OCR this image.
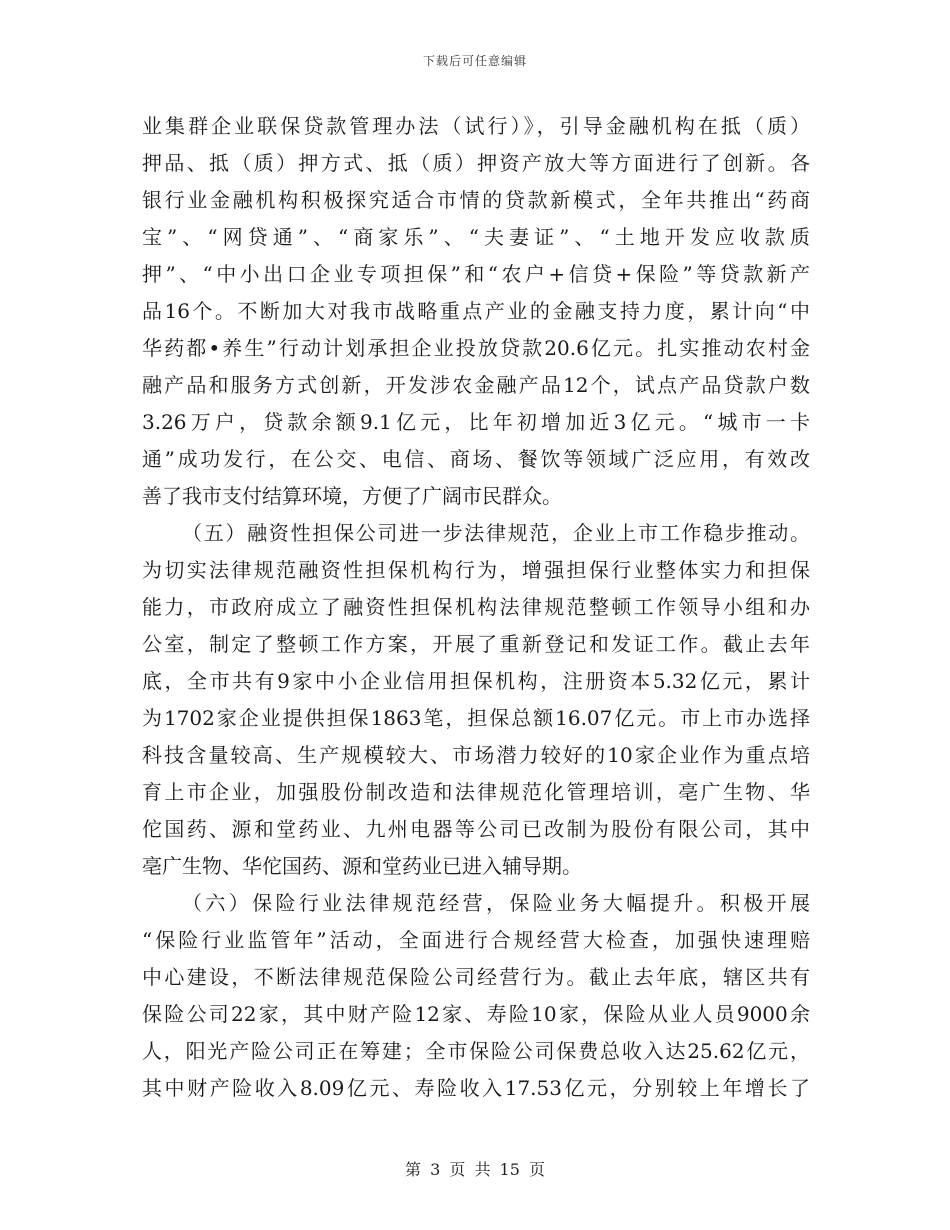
下载后可任意编辑
业集群企业联保贷款管理办法（试行）》，引导金融机构在抵（质）
押品、抵（质）押方式、抵（质）押资产放大等方面进行了创新。各
银行业金融机构积极探究适合市情的贷款新模式，全年共推出“药商
宝”、“网贷通”、“商家乐”、“夫妻证”、“土地开发应收款质
押”、“中小出口企业专项担保”和“农户+信贷+保险”等贷款新产
品16个。不断加大对我市战略重点产业的金融支持力度，累计向“中
华药都•养生”行动计划承担企业投放贷款20.6亿元。扎实推动农村金
融产品和服务方式创新，开发涉农金融产品12个，试点产品贷款户数
3.26万户，贷款余额9.1亿元，比年初增加近3亿元。“城市一卡
通”成功发行，在公交、电信、商场、餐饮等领域广泛应用，有效改
善了我市支付结算环境，方便了广阔市民群众。
（五）融资性担保公司进一步法律规范，企业上市工作稳步推动。
为切实法律规范融资性担保机构行为，增强担保行业整体实力和担保
能力，市政府成立了融资性担保机构法律规范整顿工作领导小组和办
公室，制定了整顿工作方案，开展了重新登记和发证工作。截止去年
底，全市共有9家中小企业信用担保机构，注册资本5.32亿元，累计
为1702家企业提供担保1863笔，担保总额16.07亿元。市上市办选择
科技含量较高、生产规模较大、市场潜力较好的10家企业作为重点培
育上市企业，加强股份制改造和法律规范化管理培训，亳广生物、华
佗国药、源和堂药业、九州电器等公司已改制为股份有限公司，其中
亳广生物、华佗国药、源和堂药业已进入辅导期。
（六）保险行业法律规范经营，保险业务大幅提升。积极开展
“保险行业监管年”活动，全面进行合规经营大检查，加强快速理赔
中心建设，不断法律规范保险公司经营行为。截止去年底，辖区共有
保险公司22家，其中财产险12家、寿险10家，保险从业人员9000余
人，阳光产险公司正在筹建；全市保险公司保费总收入达25.62亿元，
其中财产险收入8.09亿元、寿险收入17.53亿元，分别较上年增长了
第 3 页 共 15 页
